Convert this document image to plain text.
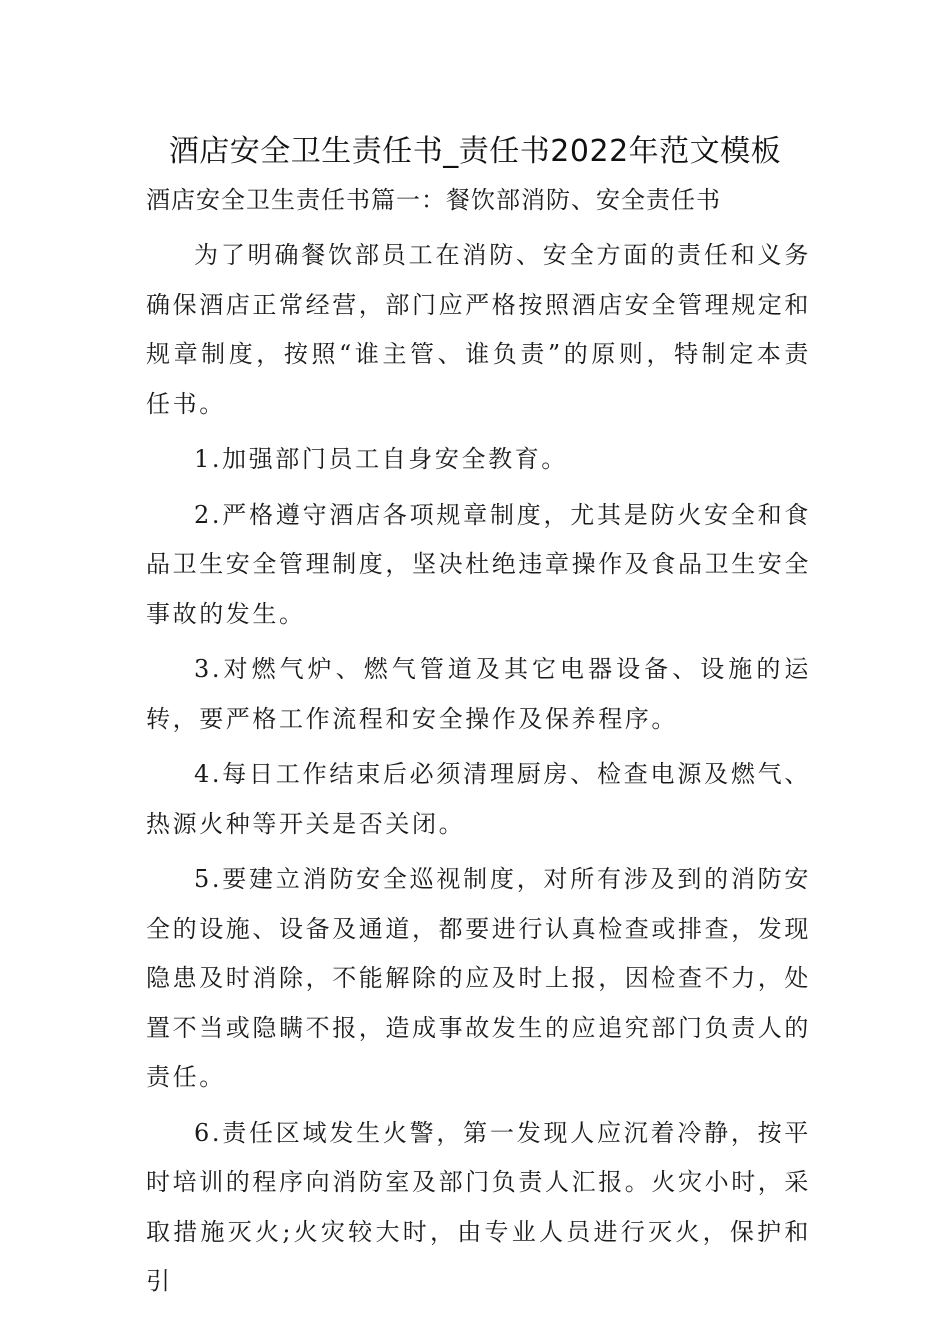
酒店安全卫生责任书_责任书2022年范文模板
酒店安全卫生责任书篇一：餐饮部消防、安全责任书

为了明确餐饮部员工在消防、安全方面的责任和义务确保酒店正常经营，部门应严格按照酒店安全管理规定和规章制度，按照“谁主管、谁负责”的原则，特制定本责任书。

1.加强部门员工自身安全教育。

2.严格遵守酒店各项规章制度，尤其是防火安全和食品卫生安全管理制度，坚决杜绝违章操作及食品卫生安全事故的发生。

3.对燃气炉、燃气管道及其它电器设备、设施的运转，要严格工作流程和安全操作及保养程序。

4.每日工作结束后必须清理厨房、检查电源及燃气、热源火种等开关是否关闭。

5.要建立消防安全巡视制度，对所有涉及到的消防安全的设施、设备及通道，都要进行认真检查或排查，发现隐患及时消除，不能解除的应及时上报，因检查不力，处置不当或隐瞒不报，造成事故发生的应追究部门负责人的责任。

6.责任区域发生火警，第一发现人应沉着冷静，按平时培训的程序向消防室及部门负责人汇报。火灾小时，采取措施灭火;火灾较大时，由专业人员进行灭火，保护和引
